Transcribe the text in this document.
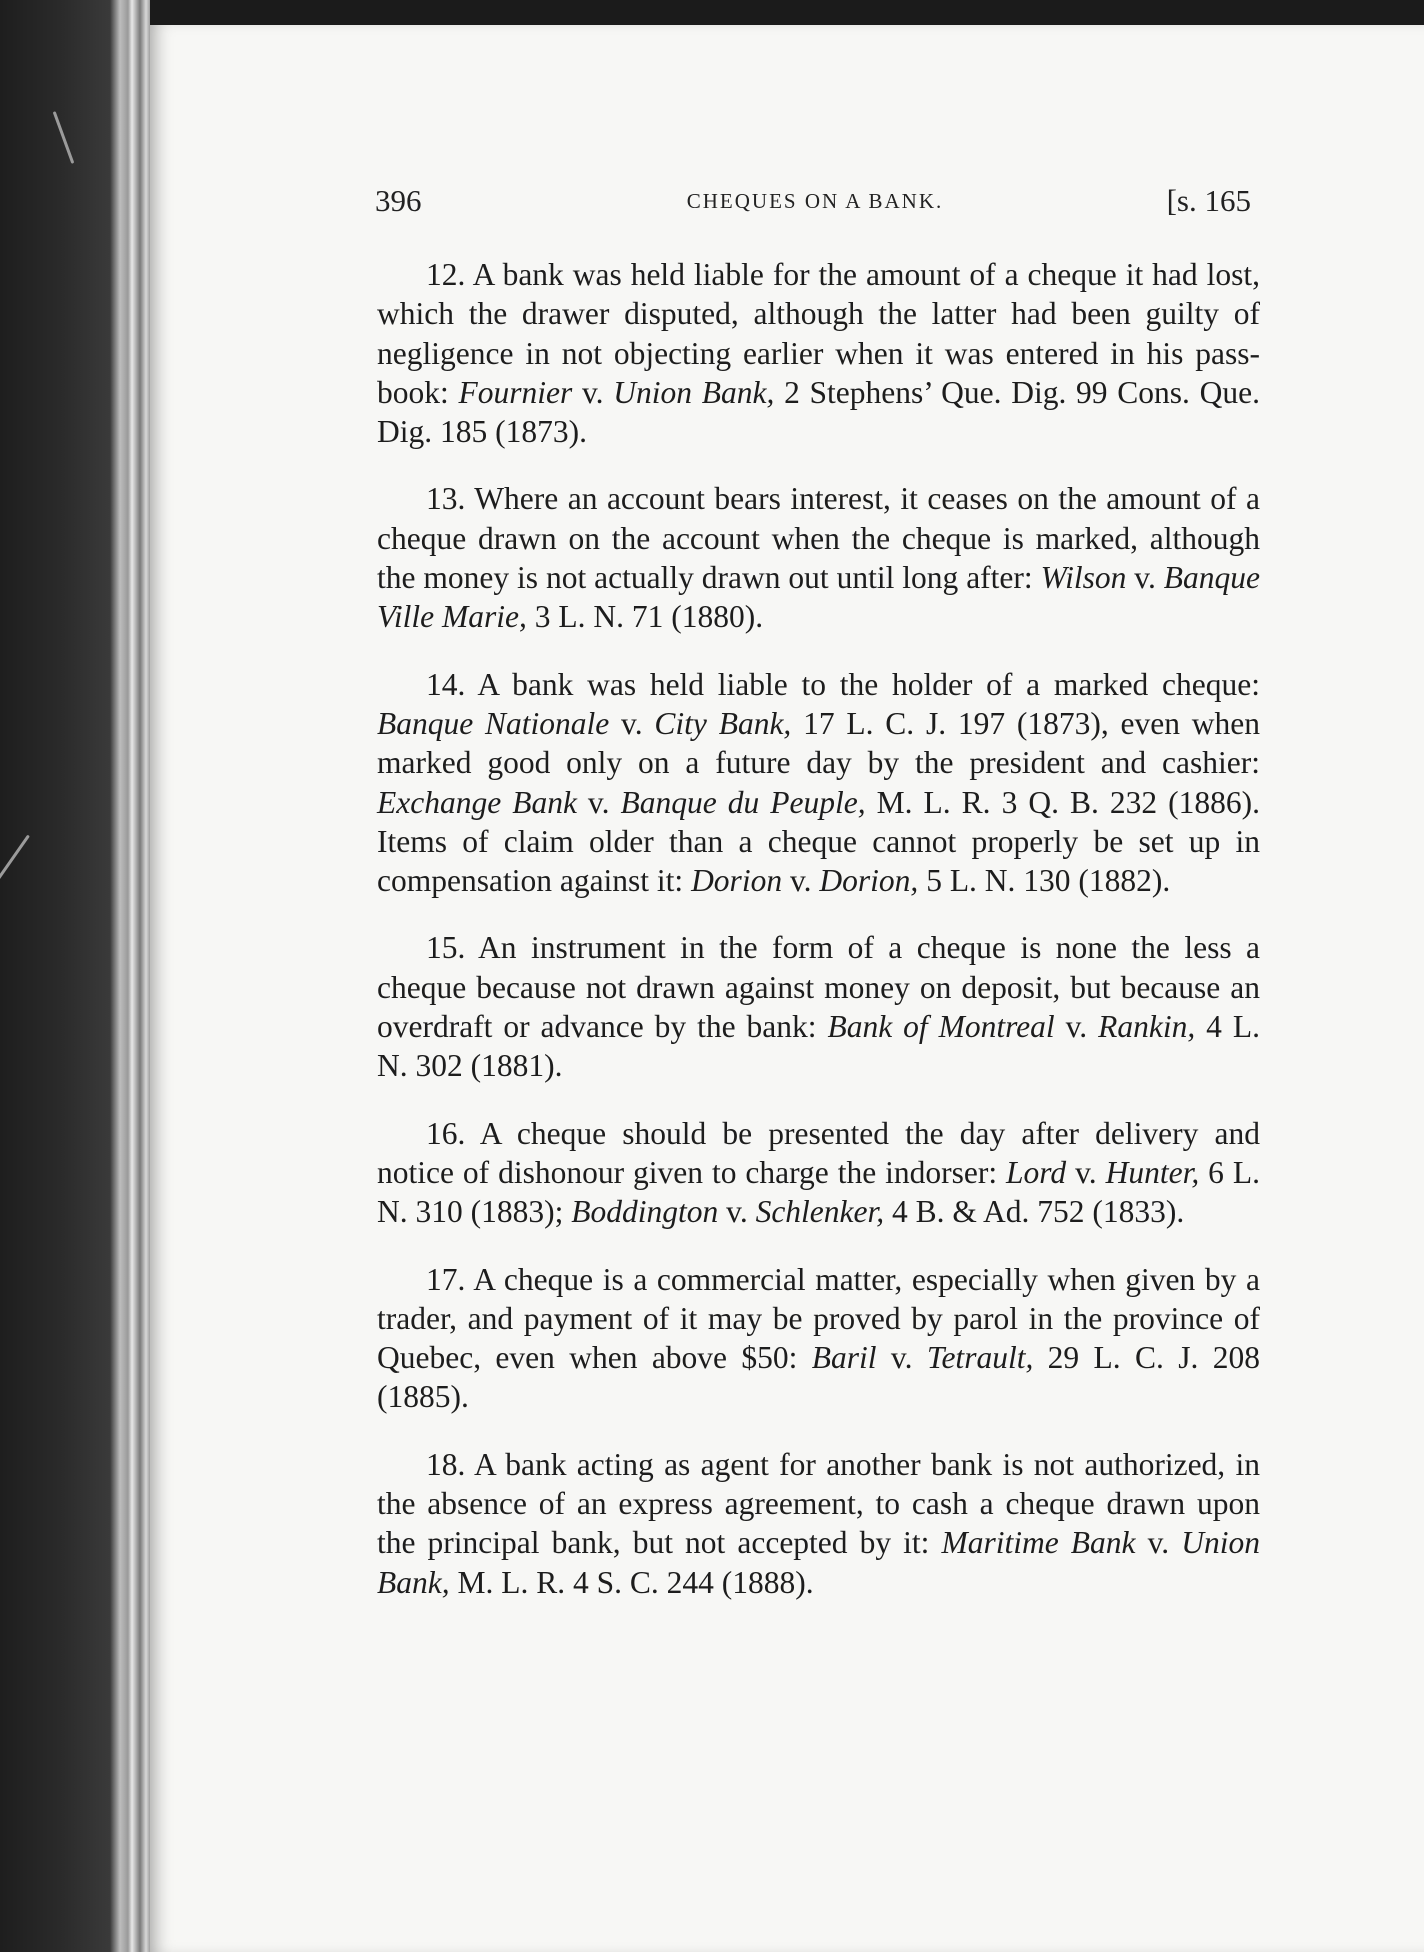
396	CHEQUES ON A BANK.	[s. 165

12. A bank was held liable for the amount of a cheque it had lost, which the drawer disputed, although the latter had been guilty of negligence in not objecting earlier when it was entered in his pass-book: Fournier v. Union Bank, 2 Stephens’ Que. Dig. 99 Cons. Que. Dig. 185 (1873).

13. Where an account bears interest, it ceases on the amount of a cheque drawn on the account when the cheque is marked, although the money is not actually drawn out until long after: Wilson v. Banque Ville Marie, 3 L. N. 71 (1880).

14. A bank was held liable to the holder of a marked cheque: Banque Nationale v. City Bank, 17 L. C. J. 197 (1873), even when marked good only on a future day by the president and cashier: Exchange Bank v. Banque du Peuple, M. L. R. 3 Q. B. 232 (1886). Items of claim older than a cheque cannot properly be set up in compensation against it: Dorion v. Dorion, 5 L. N. 130 (1882).

15. An instrument in the form of a cheque is none the less a cheque because not drawn against money on deposit, but because an overdraft or advance by the bank: Bank of Montreal v. Rankin, 4 L. N. 302 (1881).

16. A cheque should be presented the day after delivery and notice of dishonour given to charge the indorser: Lord v. Hunter, 6 L. N. 310 (1883); Boddington v. Schlenker, 4 B. & Ad. 752 (1833).

17. A cheque is a commercial matter, especially when given by a trader, and payment of it may be proved by parol in the province of Quebec, even when above $50: Baril v. Tetrault, 29 L. C. J. 208 (1885).

18. A bank acting as agent for another bank is not authorized, in the absence of an express agreement, to cash a cheque drawn upon the principal bank, but not accepted by it: Maritime Bank v. Union Bank, M. L. R. 4 S. C. 244 (1888).
